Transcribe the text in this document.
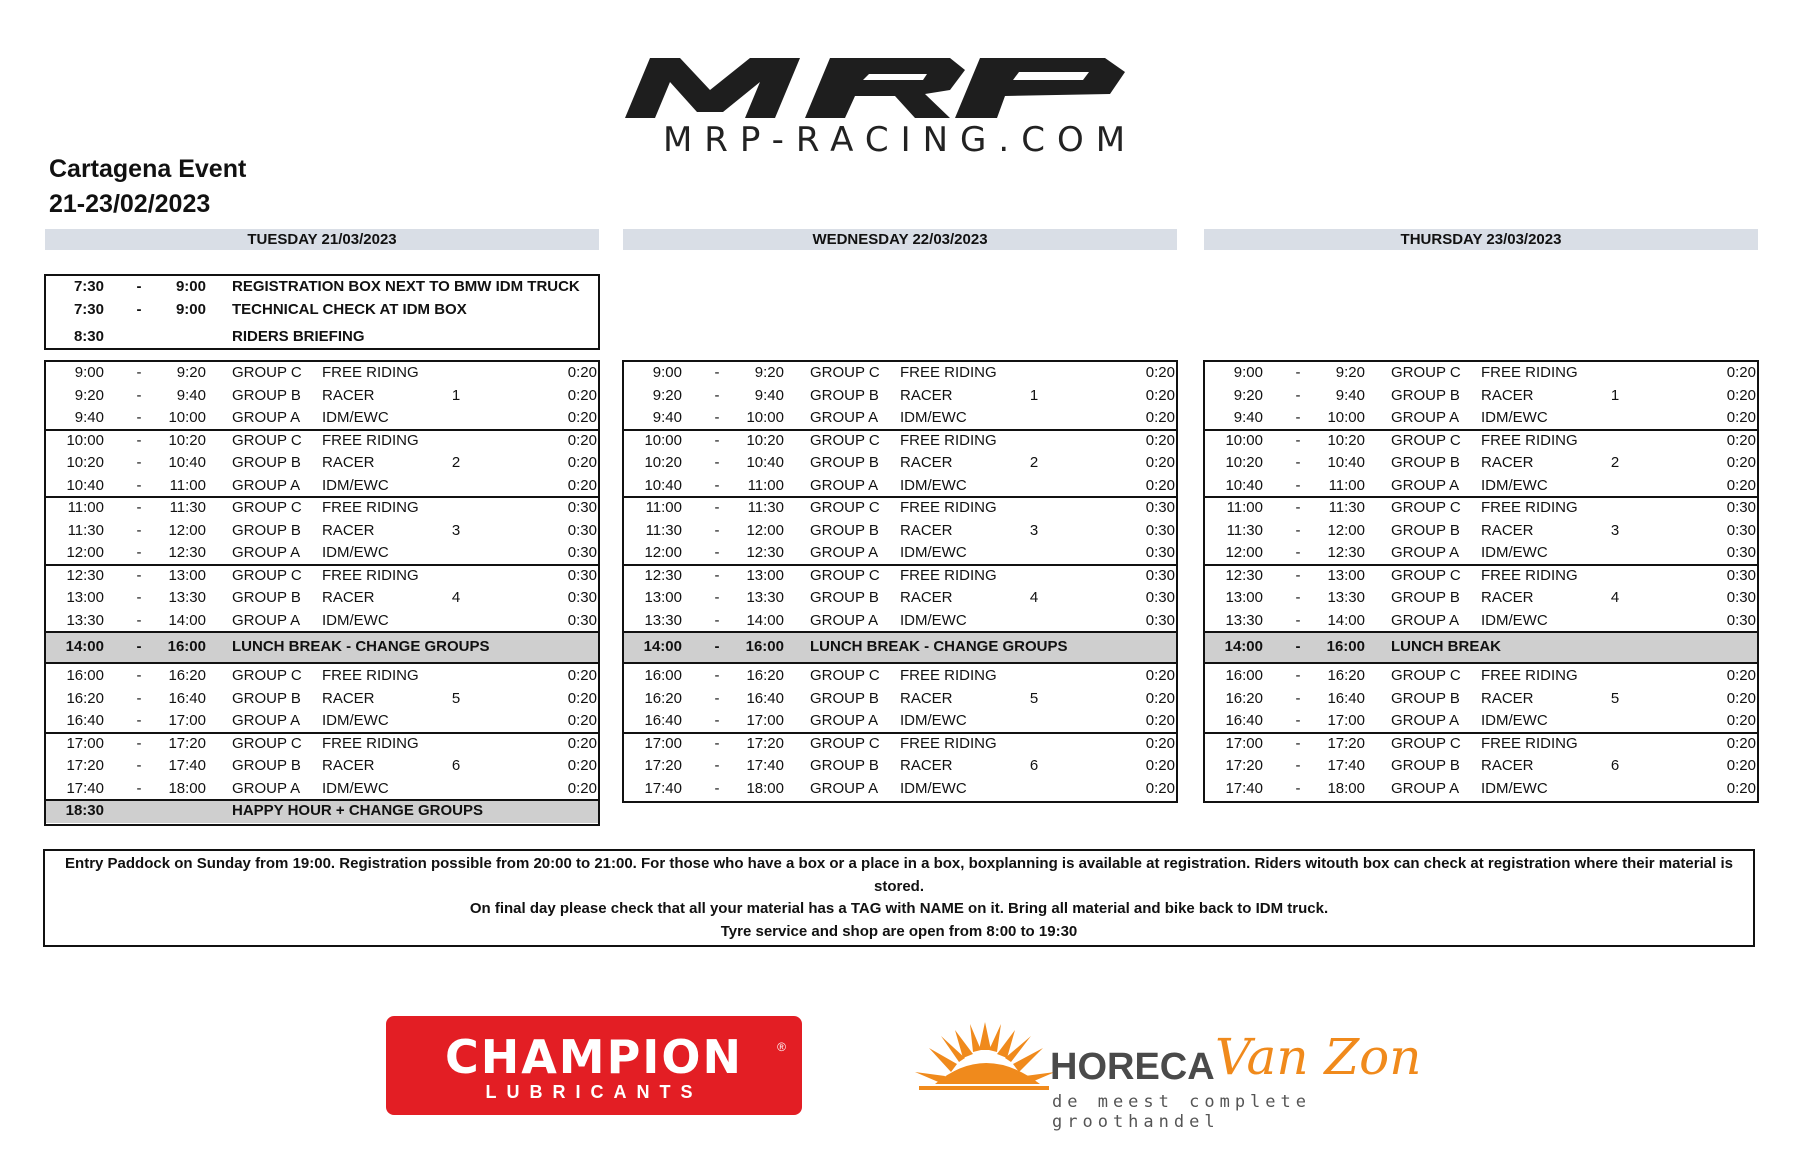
MRP-RACING.COM
Cartagena Event
21-23/02/2023
TUESDAY 21/03/2023	WEDNESDAY 22/03/2023	THURSDAY 23/03/2023
7:30 -	9:00 REGISTRATION BOX NEXT TO BMW IDM TRUCK
7:30 -	9:00 TECHNICAL CHECK AT IDM BOX
8:30	RIDERS BRIEFING
9:00 -	9:20 GROUP C FREE RIDING	0:20
9:20 -	9:40 GROUP B RACER	1	0:20
9:40 -	10:00 GROUP A IDM/EWC	0:20
10:00 -	10:20 GROUP C FREE RIDING	0:20
10:20 -	10:40 GROUP B RACER	2	0:20
10:40 -	11:00 GROUP A IDM/EWC	0:20
11:00 -	11:30 GROUP C FREE RIDING	0:30
11:30 -	12:00 GROUP B RACER	3	0:30
12:00 -	12:30 GROUP A IDM/EWC	0:30
12:30 -	13:00 GROUP C FREE RIDING	0:30
13:00 -	13:30 GROUP B RACER	4	0:30
13:30 -	14:00 GROUP A IDM/EWC	0:30
14:00 -	16:00 LUNCH BREAK - CHANGE GROUPS
16:00 -	16:20 GROUP C FREE RIDING	0:20
16:20 -	16:40 GROUP B RACER	5	0:20
16:40 -	17:00 GROUP A IDM/EWC	0:20
17:00 -	17:20 GROUP C FREE RIDING	0:20
17:20 -	17:40 GROUP B RACER	6	0:20
17:40 -	18:00 GROUP A IDM/EWC	0:20
18:30	HAPPY HOUR + CHANGE GROUPS
9:00 -	9:20 GROUP C FREE RIDING	0:20
9:20 -	9:40 GROUP B RACER	1	0:20
9:40 -	10:00 GROUP A IDM/EWC	0:20
10:00 -	10:20 GROUP C FREE RIDING	0:20
10:20 -	10:40 GROUP B RACER	2	0:20
10:40 -	11:00 GROUP A IDM/EWC	0:20
11:00 -	11:30 GROUP C FREE RIDING	0:30
11:30 -	12:00 GROUP B RACER	3	0:30
12:00 -	12:30 GROUP A IDM/EWC	0:30
12:30 -	13:00 GROUP C FREE RIDING	0:30
13:00 -	13:30 GROUP B RACER	4	0:30
13:30 -	14:00 GROUP A IDM/EWC	0:30
14:00 -	16:00 LUNCH BREAK - CHANGE GROUPS
16:00 -	16:20 GROUP C FREE RIDING	0:20
16:20 -	16:40 GROUP B RACER	5	0:20
16:40 -	17:00 GROUP A IDM/EWC	0:20
17:00 -	17:20 GROUP C FREE RIDING	0:20
17:20 -	17:40 GROUP B RACER	6	0:20
17:40 -	18:00 GROUP A IDM/EWC	0:20
9:00 -	9:20 GROUP C FREE RIDING	0:20
9:20 -	9:40 GROUP B RACER	1	0:20
9:40 -	10:00 GROUP A IDM/EWC	0:20
10:00 -	10:20 GROUP C FREE RIDING	0:20
10:20 -	10:40 GROUP B RACER	2	0:20
10:40 -	11:00 GROUP A IDM/EWC	0:20
11:00 -	11:30 GROUP C FREE RIDING	0:30
11:30 -	12:00 GROUP B RACER	3	0:30
12:00 -	12:30 GROUP A IDM/EWC	0:30
12:30 -	13:00 GROUP C FREE RIDING	0:30
13:00 -	13:30 GROUP B RACER	4	0:30
13:30 -	14:00 GROUP A IDM/EWC	0:30
14:00 -	16:00 LUNCH BREAK
16:00 -	16:20 GROUP C FREE RIDING	0:20
16:20 -	16:40 GROUP B RACER	5	0:20
16:40 -	17:00 GROUP A IDM/EWC	0:20
17:00 -	17:20 GROUP C FREE RIDING	0:20
17:20 -	17:40 GROUP B RACER	6	0:20
17:40 -	18:00 GROUP A IDM/EWC	0:20
Entry Paddock on Sunday from 19:00. Registration possible from 20:00 to 21:00. For those who have a box or a place in a box, boxplanning is available at registration. Riders witouth box can check at registration where their material is stored.
On final day please check that all your material has a TAG with NAME on it. Bring all material and bike back to IDM truck.
Tyre service and shop are open from 8:00 to 19:30
CHAMPION	®
LUBRICANTS
HORECA Van Zon
de meest complete groothandel
